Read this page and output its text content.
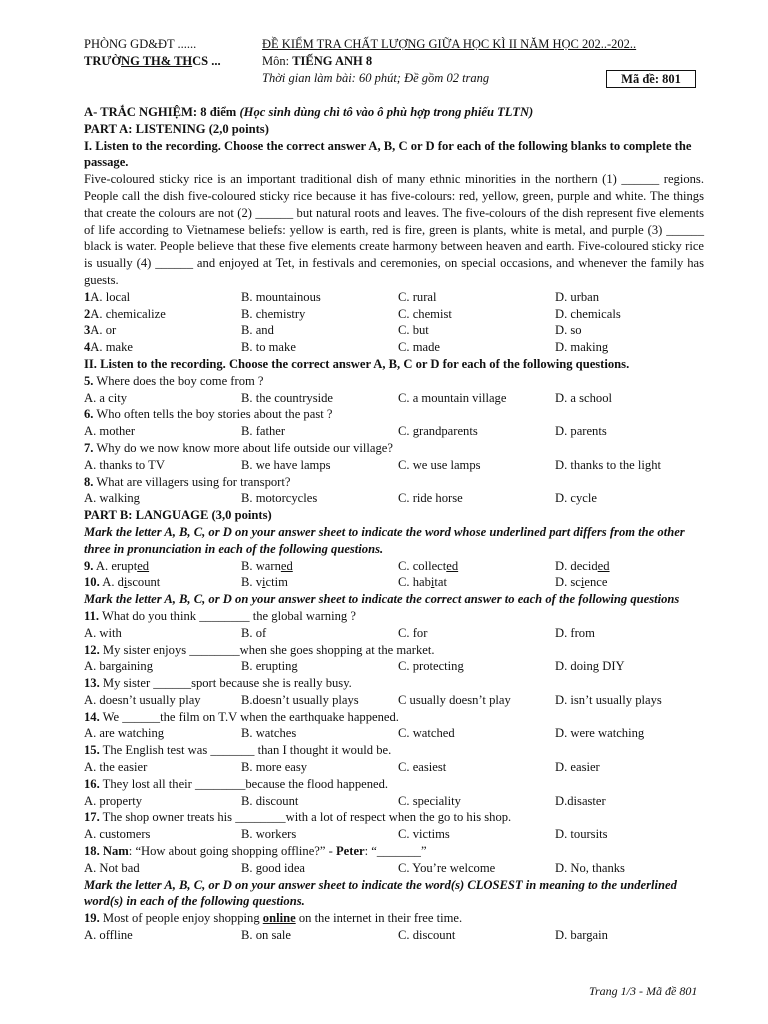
PHÒNG GD&ĐT ......
TRƯỜNG TH& THCS ...
ĐỀ KIỂM TRA CHẤT LƯỢNG GIỮA HỌC KÌ II NĂM HỌC 202..-202..
Môn: TIẾNG ANH 8
Thời gian làm bài: 60 phút; Đề gồm 02 trang	Mã đề: 801
A- TRẮC NGHIỆM: 8 điểm (Học sinh dùng chì tô vào ô phù hợp trong phiếu TLTN)
PART A: LISTENING (2,0 points)
I. Listen to the recording. Choose the correct answer A, B, C or D for each of the following blanks to complete the passage.
Five-coloured sticky rice is an important traditional dish of many ethnic minorities in the northern (1) ______ regions. People call the dish five-coloured sticky rice because it has five-colours: red, yellow, green, purple and white. The things that create the colours are not (2) ______ but natural roots and leaves. The five-colours of the dish represent five elements of life according to Vietnamese beliefs: yellow is earth, red is fire, green is plants, white is metal, and purple (3) ______ black is water. People believe that these five elements create harmony between heaven and earth. Five-coloured sticky rice is usually (4) ______ and enjoyed at Tet, in festivals and ceremonies, on special occasions, and whenever the family has guests.
1A. local	B. mountainous	C. rural	D. urban
2A. chemicalize	B. chemistry	C. chemist	D. chemicals
3A. or	B. and	C. but	D. so
4A. make	B. to make	C. made	D. making
II. Listen to the recording. Choose the correct answer A, B, C or D for each of the following questions.
5. Where does the boy come from ?
A. a city	B. the countryside	C. a mountain village	D. a school
6. Who often tells the boy stories about the past ?
A. mother	B. father	C. grandparents	D. parents
7. Why do we now know more about life outside our village?
A. thanks to TV	B. we have lamps	C. we use lamps	D. thanks to the light
8. What are villagers using for transport?
A. walking	B. motorcycles	C. ride horse	D. cycle
PART B: LANGUAGE (3,0 points)
Mark the letter A, B, C, or D on your answer sheet to indicate the word whose underlined part differs from the other three in pronunciation in each of the following questions.
9. A. erupted	B. warned	C. collected	D. decided
10. A. discount	B. victim	C. habitat	D. science
Mark the letter A, B, C, or D on your answer sheet to indicate the correct answer to each of the following questions
11. What do you think ________ the global warning ?
A. with	B. of	C. for	D. from
12. My sister enjoys ________when she goes shopping at the market.
A. bargaining	B. erupting	C. protecting	D. doing DIY
13. My sister ______sport because she is really busy.
A. doesn’t usually play	B.doesn’t usually plays	C usually doesn’t play	D. isn’t usually plays
14. We ______the film on T.V when the earthquake happened.
A. are watching	B. watches	C. watched	D. were watching
15. The English test was _______ than I thought it would be.
A. the easier	B. more easy	C. easiest	D. easier
16. They lost all their ________because the flood happened.
A. property	B. discount	C. speciality	D.disaster
17. The shop owner treats his ________with a lot of respect when the go to his shop.
A. customers	B. workers	C. victims	D. toursits
18. Nam: “How about going shopping offline?” - Peter: “_______”
A. Not bad	B. good idea	C. You’re welcome	D. No, thanks
Mark the letter A, B, C, or D on your answer sheet to indicate the word(s) CLOSEST in meaning to the underlined word(s) in each of the following questions.
19. Most of people enjoy shopping online on the internet in their free time.
A. offline	B. on sale	C. discount	D. bargain
Trang 1/3 - Mã đề 801
